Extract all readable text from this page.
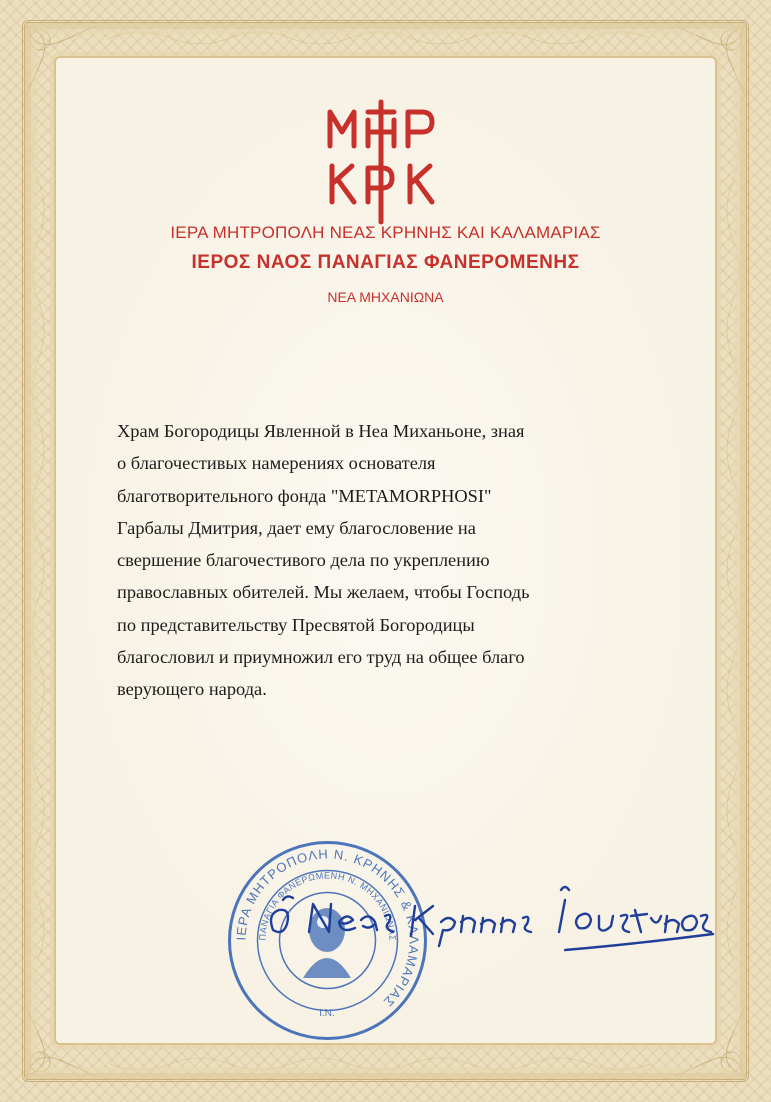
ΙΕΡΑ ΜΗΤΡΟΠΟΛΗ ΝΕΑΣ ΚΡΗΝΗΣ ΚΑΙ ΚΑΛΑΜΑΡΙΑΣ
ΙΕΡΟΣ ΝΑΟΣ ΠΑΝΑΓΙΑΣ ΦΑΝΕΡΟΜΕΝΗΣ
ΝΕΑ ΜΗΧΑΝΙΩΝΑ
Храм Богородицы Явленной в Неа Миханьоне, зная
о благочестивых намерениях основателя
благотворительного фонда "METAMORPHOSI"
Гарбалы Дмитрия, дает ему благословение на
свершение благочестивого дела по укреплению
православных обителей. Мы желаем, чтобы Господь
по представительству Пресвятой Богородицы
благословил и приумножил его труд на общее благо
верующего народа.
ΙΕΡΑ ΜΗΤΡΟΠΟΛΗ Ν. ΚΡΗΝΗΣ & ΚΑΛΑΜΑΡΙΑΣ
ΠΑΝΑΓΙΑ ΦΑΝΕΡΩΜΕΝΗ Ν. ΜΗΧΑΝΙΩΝΑΣ
Ι.Ν.
